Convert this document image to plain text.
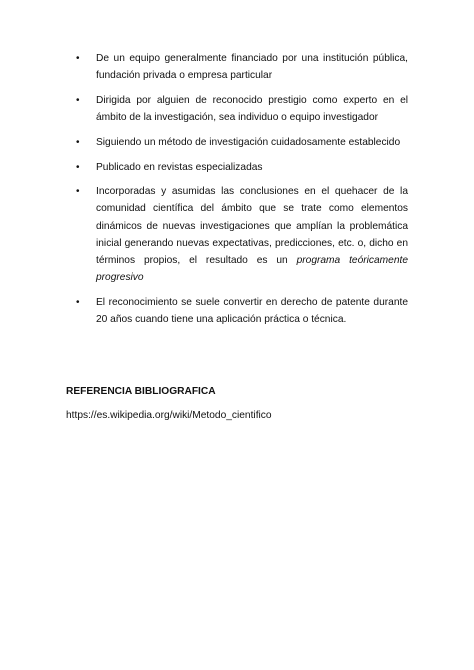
• De un equipo generalmente financiado por una institución pública, fundación privada o empresa particular
• Dirigida por alguien de reconocido prestigio como experto en el ámbito de la investigación, sea individuo o equipo investigador
• Siguiendo un método de investigación cuidadosamente establecido
• Publicado en revistas especializadas
• Incorporadas y asumidas las conclusiones en el quehacer de la comunidad científica del ámbito que se trate como elementos dinámicos de nuevas investigaciones que amplían la problemática inicial generando nuevas expectativas, predicciones, etc. o, dicho en términos propios, el resultado es un programa teóricamente progresivo
• El reconocimiento se suele convertir en derecho de patente durante 20 años cuando tiene una aplicación práctica o técnica.

REFERENCIA BIBLIOGRAFICA

https://es.wikipedia.org/wiki/Metodo_cientifico
